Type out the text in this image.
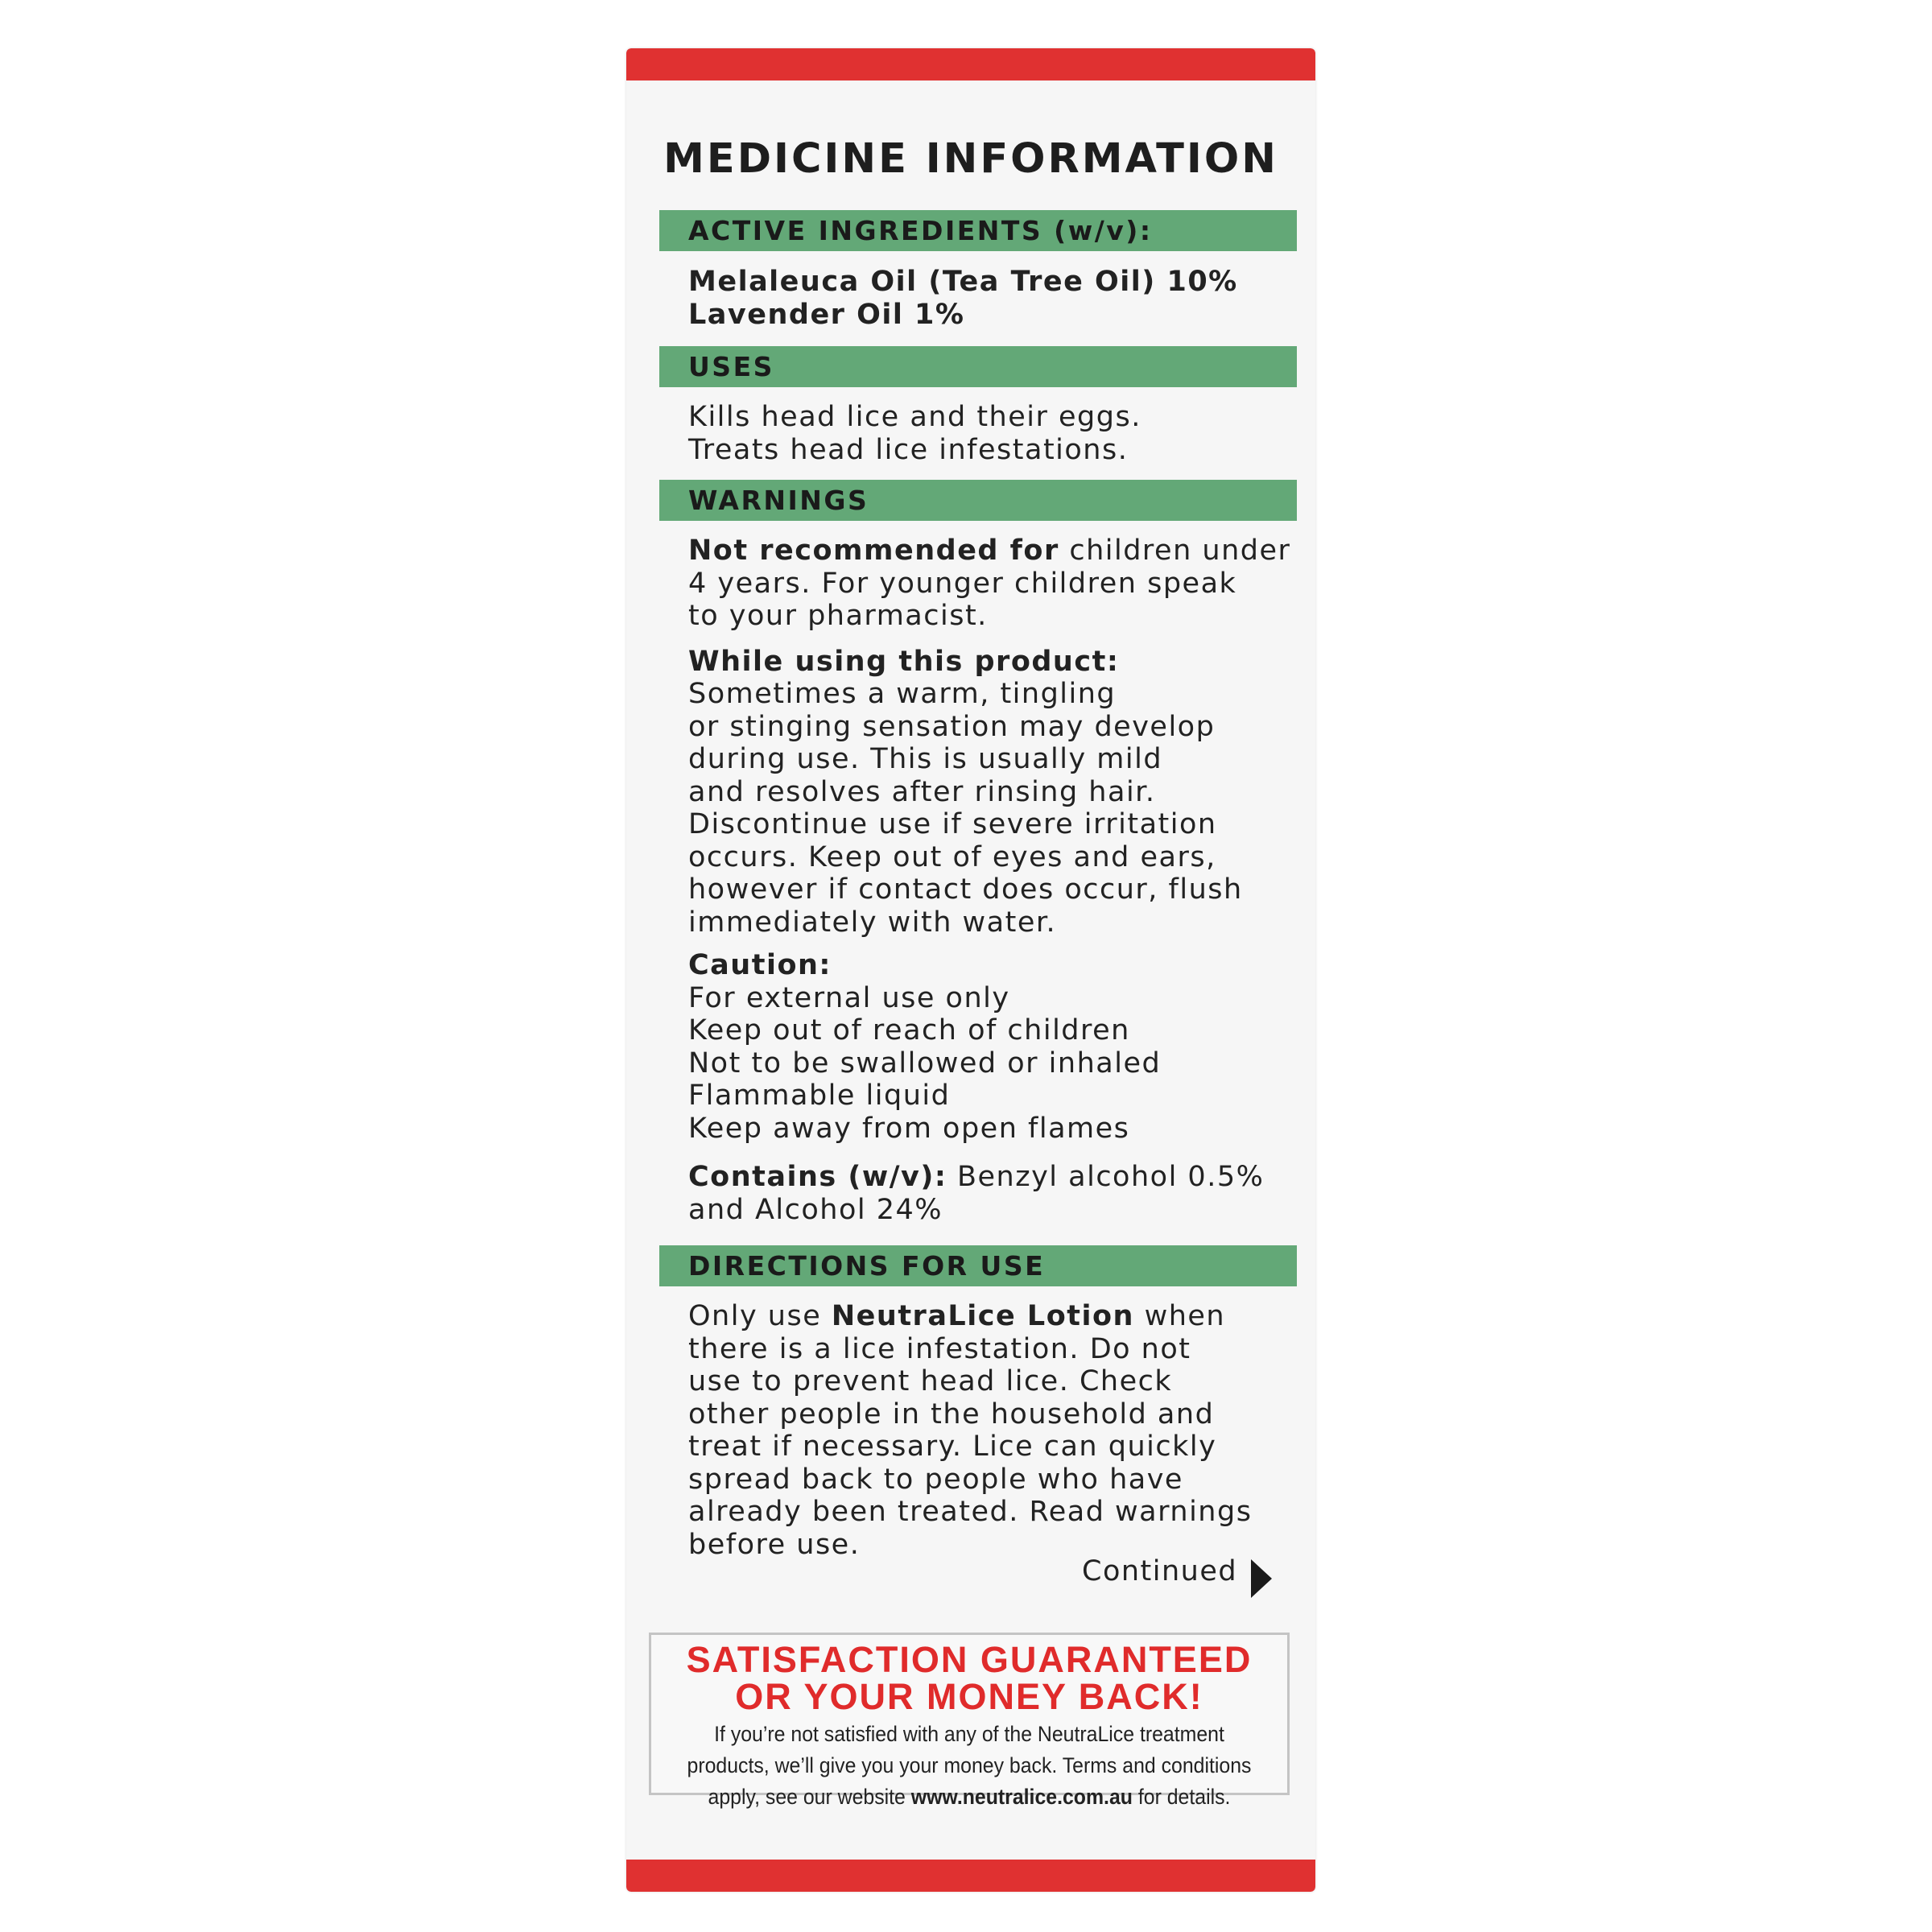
MEDICINE INFORMATION
ACTIVE INGREDIENTS (w/v):
Melaleuca Oil (Tea Tree Oil) 10%
Lavender Oil 1%
USES
Kills head lice and their eggs.
Treats head lice infestations.
WARNINGS
Not recommended for children under
4 years. For younger children speak
to your pharmacist.
While using this product:
Sometimes a warm, tingling
or stinging sensation may develop
during use. This is usually mild
and resolves after rinsing hair.
Discontinue use if severe irritation
occurs. Keep out of eyes and ears,
however if contact does occur, flush
immediately with water.
Caution:
For external use only
Keep out of reach of children
Not to be swallowed or inhaled
Flammable liquid
Keep away from open flames
Contains (w/v): Benzyl alcohol 0.5%
and Alcohol 24%
DIRECTIONS FOR USE
Only use NeutraLice Lotion when
there is a lice infestation. Do not
use to prevent head lice. Check
other people in the household and
treat if necessary. Lice can quickly
spread back to people who have
already been treated. Read warnings
before use.
Continued
SATISFACTION GUARANTEED
OR YOUR MONEY BACK!
If you’re not satisfied with any of the NeutraLice treatment
products, we’ll give you your money back. Terms and conditions
apply, see our website www.neutralice.com.au for details.
